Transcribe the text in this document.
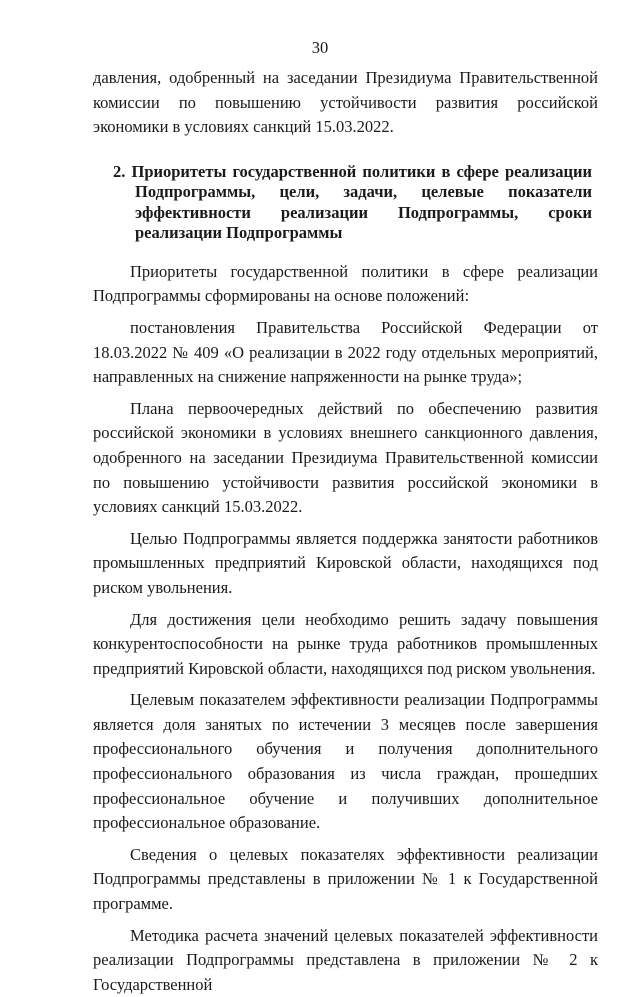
30

давления, одобренный на заседании Президиума Правительственной комиссии по повышению устойчивости развития российской экономики в условиях санкций 15.03.2022.

2. Приоритеты государственной политики в сфере реализации Подпрограммы, цели, задачи, целевые показатели эффективности реализации Подпрограммы, сроки реализации Подпрограммы

Приоритеты государственной политики в сфере реализации Подпрограммы сформированы на основе положений:

постановления Правительства Российской Федерации от 18.03.2022 № 409 «О реализации в 2022 году отдельных мероприятий, направленных на снижение напряженности на рынке труда»;

Плана первоочередных действий по обеспечению развития российской экономики в условиях внешнего санкционного давления, одобренного на заседании Президиума Правительственной комиссии по повышению устойчивости развития российской экономики в условиях санкций 15.03.2022.

Целью Подпрограммы является поддержка занятости работников промышленных предприятий Кировской области, находящихся под риском увольнения.

Для достижения цели необходимо решить задачу повышения конкурентоспособности на рынке труда работников промышленных предприятий Кировской области, находящихся под риском увольнения.

Целевым показателем эффективности реализации Подпрограммы является доля занятых по истечении 3 месяцев после завершения профессионального обучения и получения дополнительного профессионального образования из числа граждан, прошедших профессиональное обучение и получивших дополнительное профессиональное образование.

Сведения о целевых показателях эффективности реализации Подпрограммы представлены в приложении № 1 к Государственной программе.

Методика расчета значений целевых показателей эффективности реализации Подпрограммы представлена в приложении № 2 к Государственной
